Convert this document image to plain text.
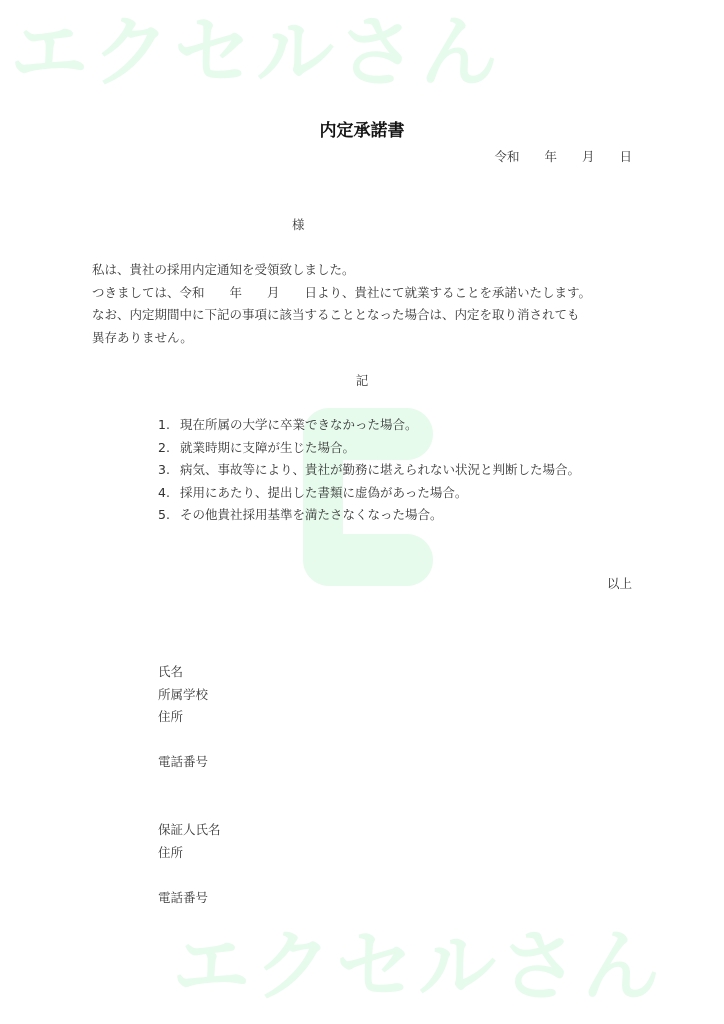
エクセルさん
エクセルさん
内定承諾書
令和　　年　　月　　日
様
私は、貴社の採用内定通知を受領致しました。
つきましては、令和　　年　　月　　日より、貴社にて就業することを承諾いたします。
なお、内定期間中に下記の事項に該当することとなった場合は、内定を取り消されても
異存ありません。
記
1. 現在所属の大学に卒業できなかった場合。
2. 就業時期に支障が生じた場合。
3. 病気、事故等により、貴社が勤務に堪えられない状況と判断した場合。
4. 採用にあたり、提出した書類に虚偽があった場合。
5. その他貴社採用基準を満たさなくなった場合。
以上
氏名
所属学校
住所
電話番号
保証人氏名
住所
電話番号
